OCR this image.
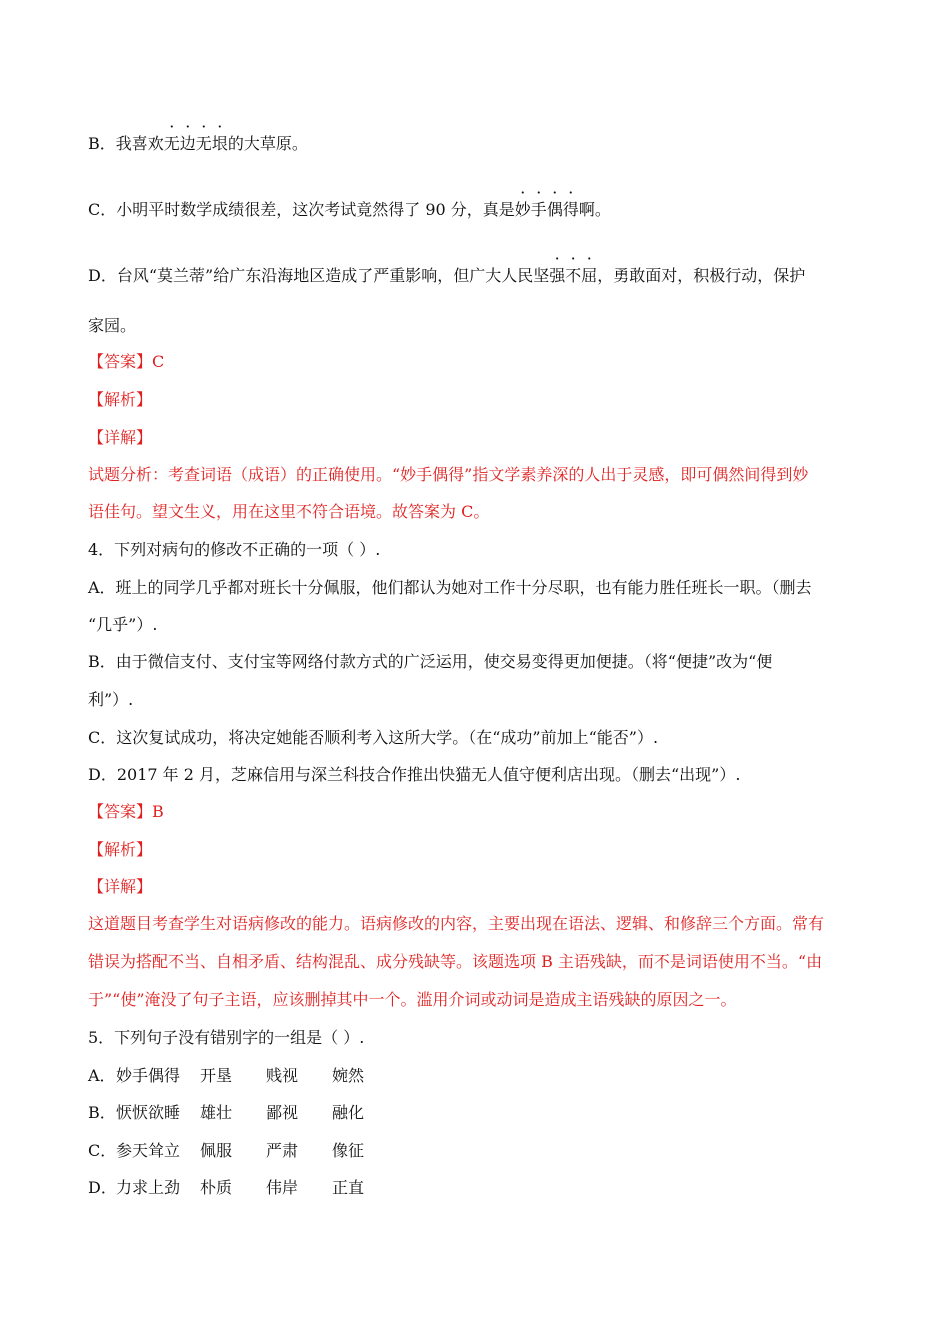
B．我喜欢无边无垠的大草原。
C．小明平时数学成绩很差，这次考试竟然得了 90 分，真是妙手偶得啊。
D．台风“莫兰蒂”给广东沿海地区造成了严重影响，但广大人民坚强不屈，勇敢面对，积极行动，保护
家园。
【答案】C
【解析】
【详解】
试题分析：考查词语（成语）的正确使用。“妙手偶得”指文学素养深的人出于灵感，即可偶然间得到妙
语佳句。望文生义，用在这里不符合语境。故答案为 C。
4．下列对病句的修改不正确的一项（ ）.
A．班上的同学几乎都对班长十分佩服，他们都认为她对工作十分尽职，也有能力胜任班长一职。（删去
“几乎”）.
B．由于微信支付、支付宝等网络付款方式的广泛运用，使交易变得更加便捷。（将“便捷”改为“便
利”）.
C．这次复试成功，将决定她能否顺利考入这所大学。（在“成功”前加上“能否”）.
D．2017 年 2 月，芝麻信用与深兰科技合作推出快猫无人值守便利店出现。（删去“出现”）.
【答案】B
【解析】
【详解】
这道题目考查学生对语病修改的能力。语病修改的内容，主要出现在语法、逻辑、和修辞三个方面。常有
错误为搭配不当、自相矛盾、结构混乱、成分残缺等。该题选项 B 主语残缺，而不是词语使用不当。“由
于”“使”淹没了句子主语，应该删掉其中一个。滥用介词或动词是造成主语残缺的原因之一。
5．下列句子没有错别字的一组是（ ）.
A．妙手偶得 开垦 贱视 婉然
B．恹恹欲睡 雄壮 鄙视 融化
C．参天耸立 佩服 严肃 像征
D．力求上劲 朴质 伟岸 正直
